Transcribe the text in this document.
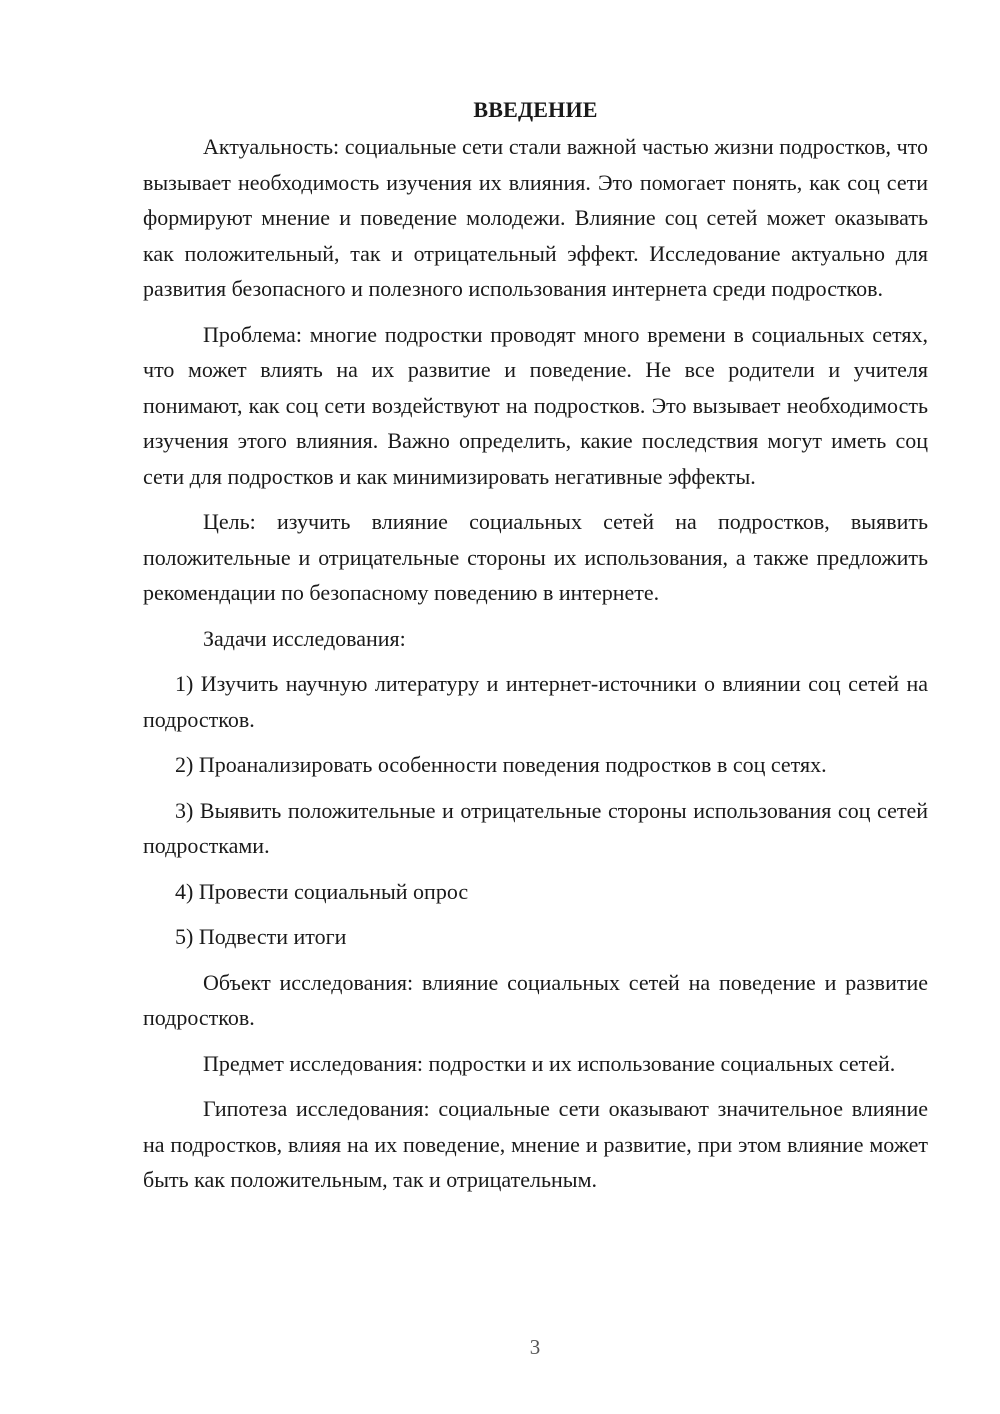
ВВЕДЕНИЕ

Актуальность: социальные сети стали важной частью жизни подростков, что вызывает необходимость изучения их влияния. Это помогает понять, как соц сети формируют мнение и поведение молодежи. Влияние соц сетей может оказывать как положительный, так и отрицательный эффект. Исследование актуально для развития безопасного и полезного использования интернета среди подростков.

Проблема: многие подростки проводят много времени в социальных сетях, что может влиять на их развитие и поведение. Не все родители и учителя понимают, как соц сети воздействуют на подростков. Это вызывает необходимость изучения этого влияния. Важно определить, какие последствия могут иметь соц сети для подростков и как минимизировать негативные эффекты.

Цель: изучить влияние социальных сетей на подростков, выявить положительные и отрицательные стороны их использования, а также предложить рекомендации по безопасному поведению в интернете.

Задачи исследования:

1) Изучить научную литературу и интернет-источники о влиянии соц сетей на подростков.

2) Проанализировать особенности поведения подростков в соц сетях.

3) Выявить положительные и отрицательные стороны использования соц сетей подростками.

4) Провести социальный опрос

5) Подвести итоги

Объект исследования: влияние социальных сетей на поведение и развитие подростков.

Предмет исследования: подростки и их использование социальных сетей.

Гипотеза исследования: социальные сети оказывают значительное влияние на подростков, влияя на их поведение, мнение и развитие, при этом влияние может быть как положительным, так и отрицательным.

3
